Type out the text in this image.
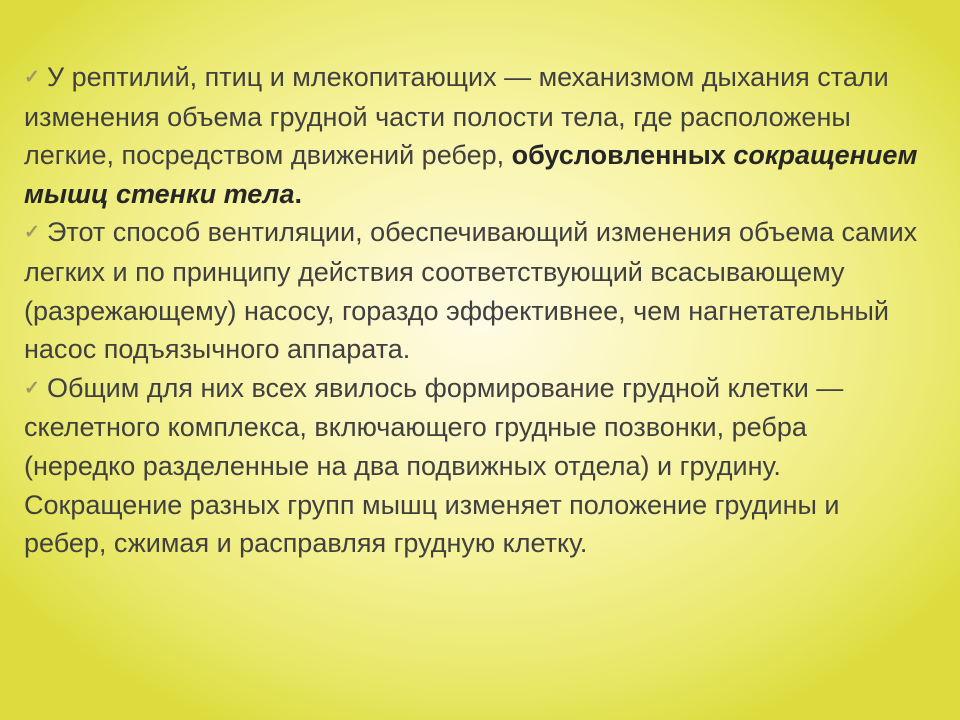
✓ У рептилий, птиц и млекопитающих — механизмом дыхания стали изменения объема грудной части полости тела, где расположены легкие, посредством движений ребер, обусловленных сокращением мышц стенки тела.

✓ Этот способ вентиляции, обеспечивающий изменения объема самих легких и по принципу действия соответствующий всасывающему (разрежающему) насосу, гораздо эффективнее, чем нагнетательный насос подъязычного аппарата.

✓ Общим для них всех явилось формирование грудной клетки — скелетного комплекса, включающего грудные позвонки, ребра (нередко разделенные на два подвижных отдела) и грудину. Сокращение разных групп мышц изменяет положение грудины и ребер, сжимая и расправляя грудную клетку.
